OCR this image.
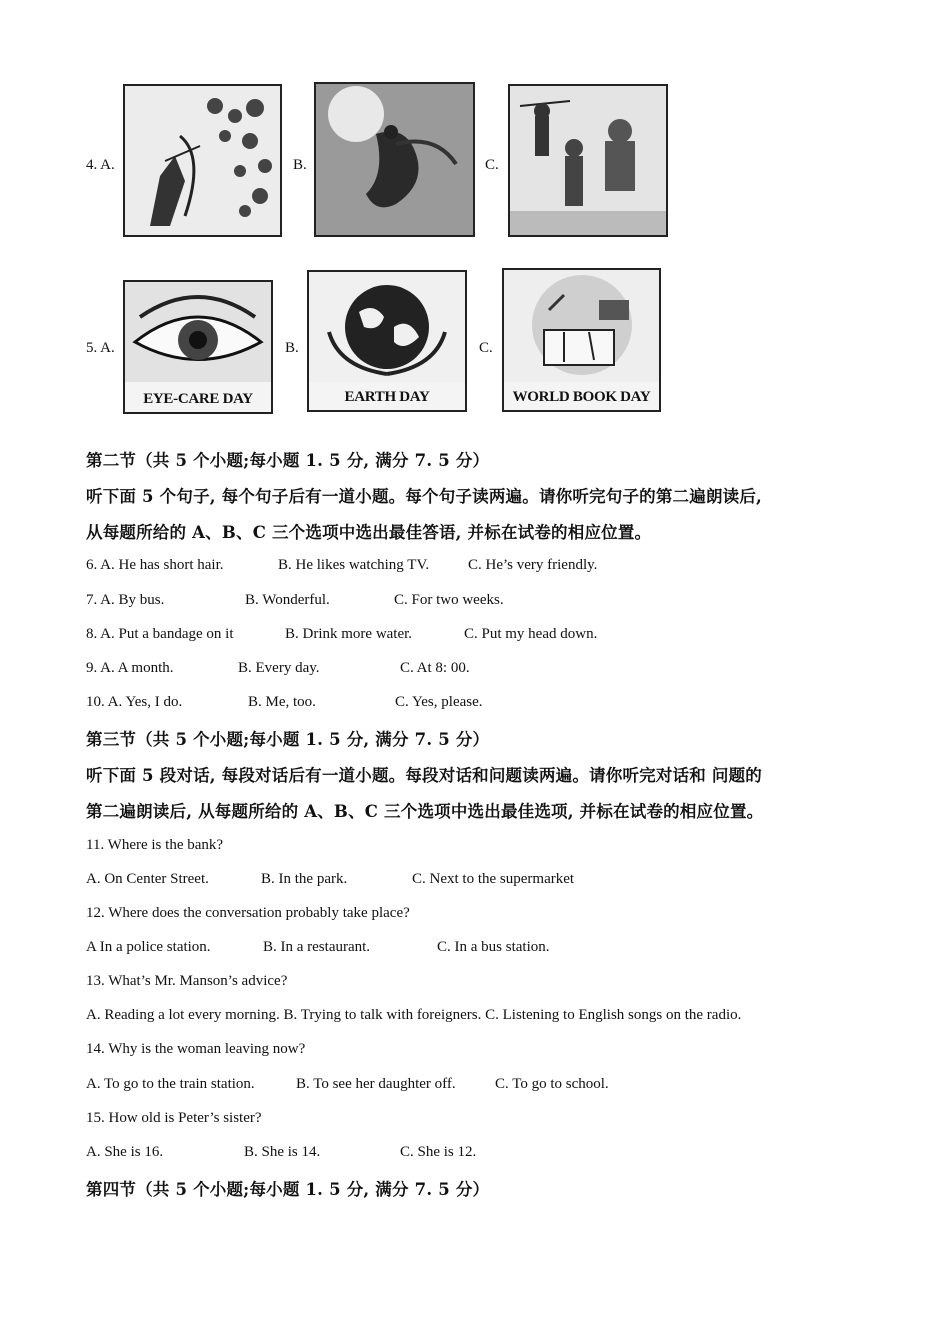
4. A.	B.	C.
5. A.
EYE-CARE DAY
B.
EARTH DAY
C.
WORLD BOOK DAY
第二节（共 5 个小题;每小题 1. 5 分, 满分 7. 5 分）
听下面 5 个句子, 每个句子后有一道小题。每个句子读两遍。请你听完句子的第二遍朗读后,
从每题所给的 A、B、C 三个选项中选出最佳答语, 并标在试卷的相应位置。
6. A. He has short hair.	B. He likes watching TV.	C. He’s very friendly.
7. A. By bus.	B. Wonderful.	C. For two weeks.
8. A. Put a bandage on it	B. Drink more water.	C. Put my head down.
9. A. A month.	B. Every day.	C. At 8: 00.
10. A. Yes, I do.	B. Me, too.	C. Yes, please.
第三节（共 5 个小题;每小题 1. 5 分, 满分 7. 5 分）
听下面 5 段对话, 每段对话后有一道小题。每段对话和问题读两遍。请你听完对话和 问题的
第二遍朗读后, 从每题所给的 A、B、C 三个选项中选出最佳选项, 并标在试卷的相应位置。
11. Where is the bank?
A. On Center Street.	B. In the park.	C. Next to the supermarket
12. Where does the conversation probably take place?
A In a police station.	B. In a restaurant.	C. In a bus station.
13. What’s Mr. Manson’s advice?
A. Reading a lot every morning. B. Trying to talk with foreigners. C. Listening to English songs on the radio.
14. Why is the woman leaving now?
A. To go to the train station.	B. To see her daughter off.	C. To go to school.
15. How old is Peter’s sister?
A. She is 16.	B. She is 14.	C. She is 12.
第四节（共 5 个小题;每小题 1. 5 分, 满分 7. 5 分）
